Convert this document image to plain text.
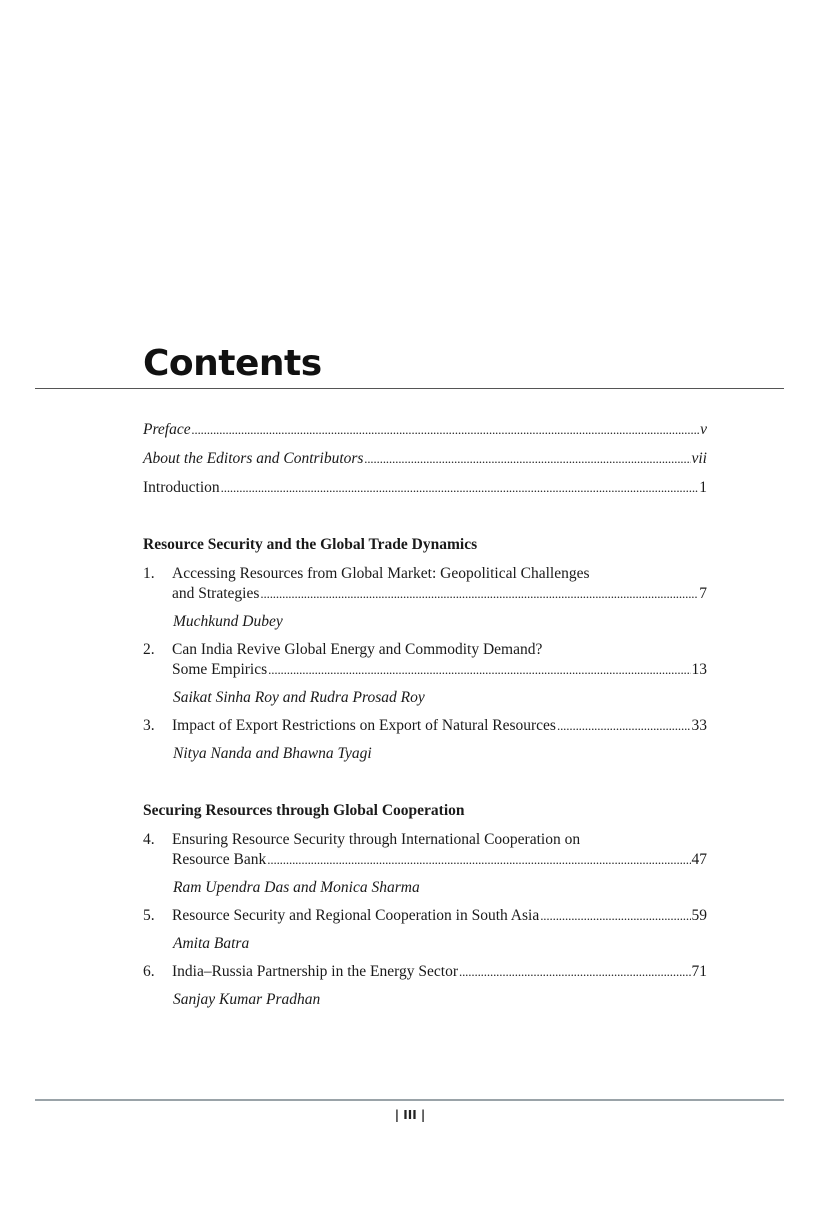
Contents
Preface . . .	v
About the Editors and Contributors . . .	vii
Introduction . . .	1
Resource Security and the Global Trade Dynamics
1.	Accessing Resources from Global Market: Geopolitical Challenges
and Strategies . . .	7
Muchkund Dubey
2.	Can India Revive Global Energy and Commodity Demand?
Some Empirics . . .	13
Saikat Sinha Roy and Rudra Prosad Roy
3.	Impact of Export Restrictions on Export of Natural Resources . . .	33
Nitya Nanda and Bhawna Tyagi
Securing Resources through Global Cooperation
4.	Ensuring Resource Security through International Cooperation on
Resource Bank . . .	47
Ram Upendra Das and Monica Sharma
5.	Resource Security and Regional Cooperation in South Asia . . .	59
Amita Batra
6.	India–Russia Partnership in the Energy Sector . . .	71
Sanjay Kumar Pradhan
| III |
